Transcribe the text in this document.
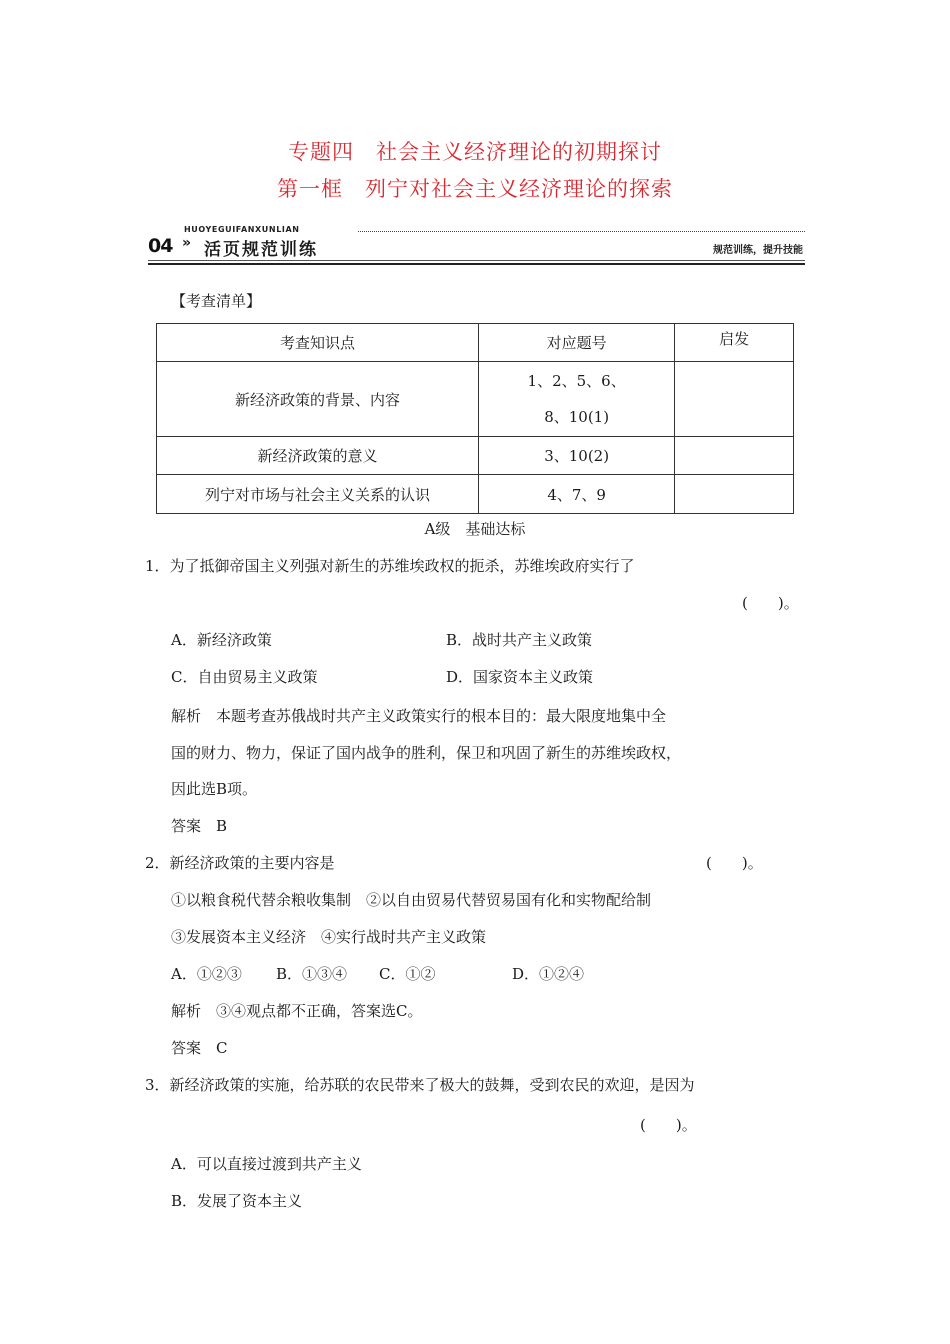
专题四　社会主义经济理论的初期探讨
第一框　列宁对社会主义经济理论的探索
HUOYEGUIFANXUNLIAN
04 » 活页规范训练	规范训练，提升技能
【考查清单】
考查知识点	对应题号	启发
新经济政策的背景、内容	1、2、5、6、
8、10(1)	

新经济政策的意义	3、10(2)	
列宁对市场与社会主义关系的认识	4、7、9	
A级　基础达标
1．为了抵御帝国主义列强对新生的苏维埃政权的扼杀，苏维埃政府实行了
(　　)。
A．新经济政策	B．战时共产主义政策
C．自由贸易主义政策	D．国家资本主义政策
解析　本题考查苏俄战时共产主义政策实行的根本目的：最大限度地集中全
国的财力、物力，保证了国内战争的胜利，保卫和巩固了新生的苏维埃政权，
因此选B项。
答案　B
2．新经济政策的主要内容是	(　　)。
①以粮食税代替余粮收集制　②以自由贸易代替贸易国有化和实物配给制
③发展资本主义经济　④实行战时共产主义政策
A．①②③ B．①③④ C．①②	D．①②④
解析　③④观点都不正确，答案选C。
答案　C
3．新经济政策的实施，给苏联的农民带来了极大的鼓舞，受到农民的欢迎，是因为
(　　)。
A．可以直接过渡到共产主义
B．发展了资本主义
